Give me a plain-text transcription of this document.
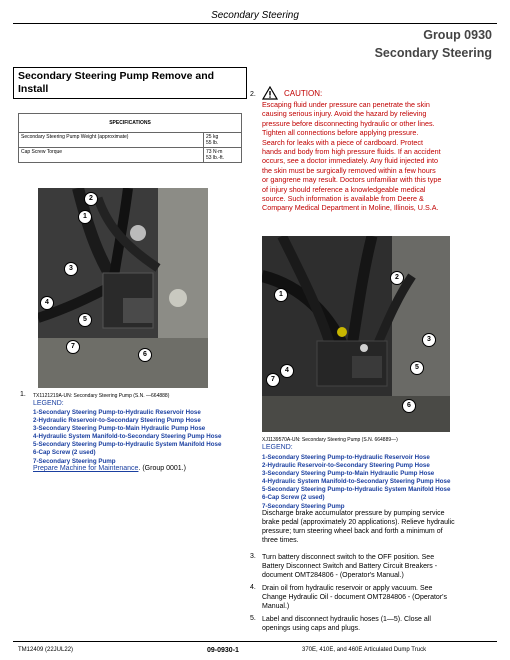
Secondary Steering
Group 0930
Secondary Steering
Secondary Steering Pump Remove and
Install
SPECIFICATIONS	
Secondary Steering Pump Weight (approximate)	25 kg
55 lb.

Cap Screw Torque	73 N·m
53 lb.-ft.
2
1
3
4
5
7
6
1. TX1121219A-UN: Secondary Steering Pump (S.N. —664888)
LEGEND:
1-Secondary Steering Pump-to-Hydraulic Reservoir Hose
2-Hydraulic Reservoir-to-Secondary Steering Pump Hose
3-Secondary Steering Pump-to-Main Hydraulic Pump Hose
4-Hydraulic System Manifold-to-Secondary Steering Pump Hose
5-Secondary Steering Pump-to-Hydraulic System Manifold Hose
6-Cap Screw (2 used)
7-Secondary Steering Pump
Prepare Machine for Maintenance. (Group 0001.)
2.	CAUTION:
Escaping fluid under pressure can penetrate the skin
causing serious injury. Avoid the hazard by relieving
pressure before disconnecting hydraulic or other lines.
Tighten all connections before applying pressure.
Search for leaks with a piece of cardboard. Protect
hands and body from high pressure fluids. If an accident
occurs, see a doctor immediately. Any fluid injected into
the skin must be surgically removed within a few hours
or gangrene may result. Doctors unfamiliar with this type
of injury should reference a knowledgeable medical
source. Such information is available from Deere &
Company Medical Department in Moline, Illinois, U.S.A.
2
1
3
4	5
7
6
XJ1139570A-UN: Secondary Steering Pump (S.N. 664889—)
LEGEND:
1-Secondary Steering Pump-to-Hydraulic Reservoir Hose
2-Hydraulic Reservoir-to-Secondary Steering Pump Hose
3-Secondary Steering Pump-to-Main Hydraulic Pump Hose
4-Hydraulic System Manifold-to-Secondary Steering Pump Hose
5-Secondary Steering Pump-to-Hydraulic System Manifold Hose
6-Cap Screw (2 used)
7-Secondary Steering Pump
Discharge brake accumulator pressure by pumping service
brake pedal (approximately 20 applications). Relieve hydraulic
pressure; turn steering wheel back and forth a minimum of
three times.
3. Turn battery disconnect switch to the OFF position. See
Battery Disconnect Switch and Battery Circuit Breakers -
document OMT284806 - (Operator's Manual.)
4. Drain oil from hydraulic reservoir or apply vacuum. See
Change Hydraulic Oil - document OMT284806 - (Operator's
Manual.)
5. Label and disconnect hydraulic hoses (1—5). Close all
openings using caps and plugs.
TM12409 (22JUL22)	09-0930-1	370E, 410E, and 460E Articulated Dump Truck
